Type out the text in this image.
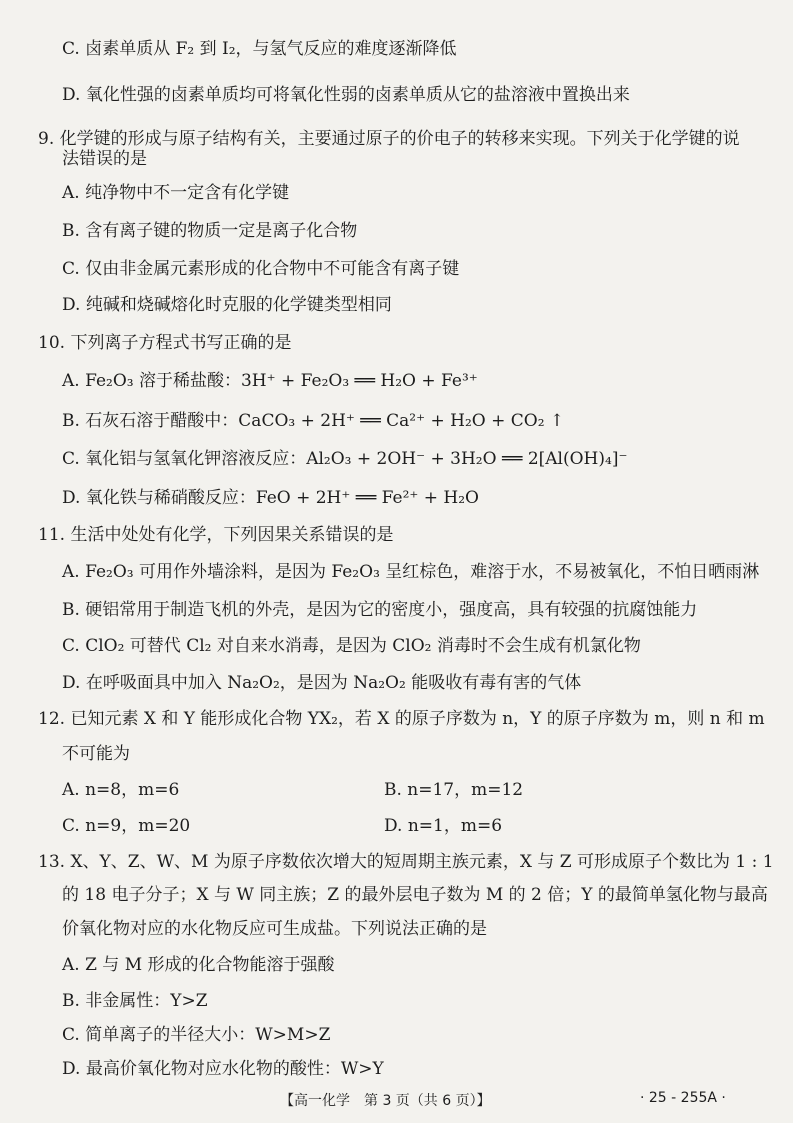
C. 卤素单质从 F₂ 到 I₂，与氢气反应的难度逐渐降低
D. 氧化性强的卤素单质均可将氧化性弱的卤素单质从它的盐溶液中置换出来
9. 化学键的形成与原子结构有关，主要通过原子的价电子的转移来实现。下列关于化学键的说
法错误的是
A. 纯净物中不一定含有化学键
B. 含有离子键的物质一定是离子化合物
C. 仅由非金属元素形成的化合物中不可能含有离子键
D. 纯碱和烧碱熔化时克服的化学键类型相同
10. 下列离子方程式书写正确的是
A. Fe₂O₃ 溶于稀盐酸：3H⁺ + Fe₂O₃ ══ H₂O + Fe³⁺
B. 石灰石溶于醋酸中：CaCO₃ + 2H⁺ ══ Ca²⁺ + H₂O + CO₂ ↑
C. 氧化铝与氢氧化钾溶液反应：Al₂O₃ + 2OH⁻ + 3H₂O ══ 2[Al(OH)₄]⁻
D. 氧化铁与稀硝酸反应：FeO + 2H⁺ ══ Fe²⁺ + H₂O
11. 生活中处处有化学，下列因果关系错误的是
A. Fe₂O₃ 可用作外墙涂料，是因为 Fe₂O₃ 呈红棕色，难溶于水，不易被氧化，不怕日晒雨淋
B. 硬铝常用于制造飞机的外壳，是因为它的密度小，强度高，具有较强的抗腐蚀能力
C. ClO₂ 可替代 Cl₂ 对自来水消毒，是因为 ClO₂ 消毒时不会生成有机氯化物
D. 在呼吸面具中加入 Na₂O₂，是因为 Na₂O₂ 能吸收有毒有害的气体
12. 已知元素 X 和 Y 能形成化合物 YX₂，若 X 的原子序数为 n，Y 的原子序数为 m，则 n 和 m
不可能为
A. n=8，m=6	B. n=17，m=12
C. n=9，m=20	D. n=1，m=6
13. X、Y、Z、W、M 为原子序数依次增大的短周期主族元素，X 与 Z 可形成原子个数比为 1 : 1
的 18 电子分子；X 与 W 同主族；Z 的最外层电子数为 M 的 2 倍；Y 的最简单氢化物与最高
价氧化物对应的水化物反应可生成盐。下列说法正确的是
A. Z 与 M 形成的化合物能溶于强酸
B. 非金属性：Y>Z
C. 简单离子的半径大小：W>M>Z
D. 最高价氧化物对应水化物的酸性：W>Y
【高一化学　第 3 页（共 6 页）】	· 25 - 255A ·
